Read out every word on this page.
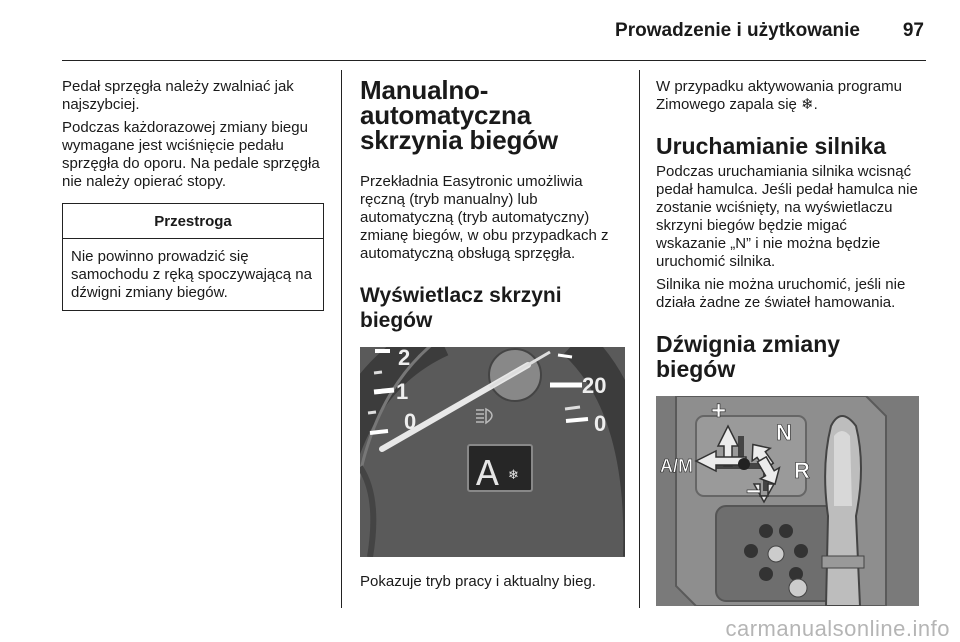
Prowadzenie i użytkowanie	97

Pedał sprzęgła należy zwalniać jak najszybciej.

Podczas każdorazowej zmiany biegu wymagane jest wciśnięcie pedału sprzęgła do oporu. Na pedale sprzęgła nie należy opierać stopy.

Przestroga
Nie powinno prowadzić się samochodu z ręką spoczywającą na dźwigni zmiany biegów.
Manualno-automatyczna skrzynia biegów

Przekładnia Easytronic umożliwia ręczną (tryb manualny) lub automatyczną (tryb automatyczny) zmianę biegów, w obu przypadkach z automatyczną obsługą sprzęgła.

Wyświetlacz skrzyni biegów
2
1
0
20
0
A ❄

Pokazuje tryb pracy i aktualny bieg.

W przypadku aktywowania programu Zimowego zapala się ❄.

Uruchamianie silnika

Podczas uruchamiania silnika wcisnąć pedał hamulca. Jeśli pedał hamulca nie zostanie wciśnięty, na wyświetlaczu skrzyni biegów będzie migać wskazanie „N” i nie można będzie uruchomić silnika.

Silnika nie można uruchomić, jeśli nie działa żadne ze świateł hamowania.

Dźwignia zmiany biegów
+
A/M
N
R
−
carmanualsonline.info
